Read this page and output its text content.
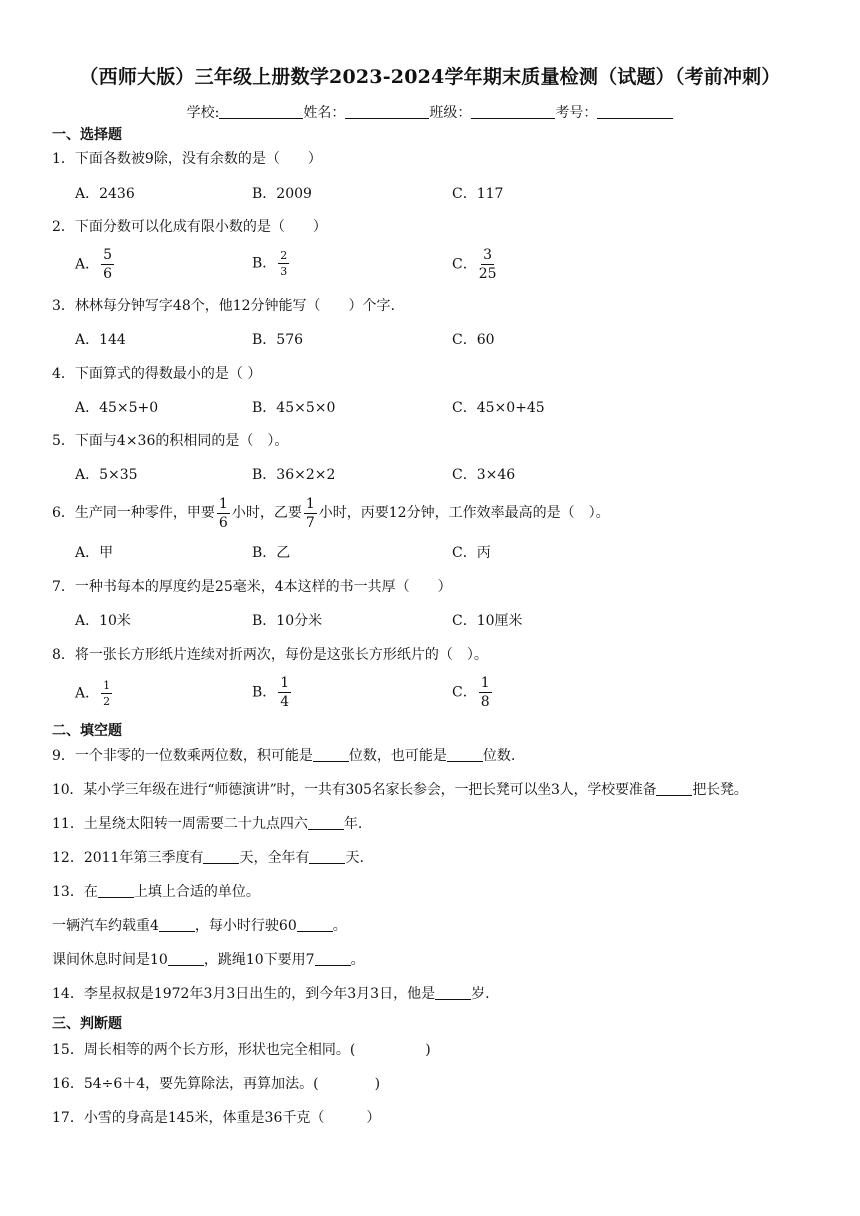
（西师大版）三年级上册数学2023-2024学年期末质量检测（试题）（考前冲刺）
学校:	姓名：	班级：	考号：
一、选择题
1．下面各数被9除，没有余数的是（　　）
A．2436	B．2009	C．117
2．下面分数可以化成有限小数的是（　　）
A． $\frac{5}{6}$	B． $\frac{2}{3}$	C． $\frac{3}{25}$
3．林林每分钟写字48个，他12分钟能写（　　）个字.
A．144	B．576	C．60
4．下面算式的得数最小的是（ ）
A．45×5+0	B．45×5×0	C．45×0+45
5．下面与4×36的积相同的是（　）。
A．5×35	B．36×2×2	C．3×46
6．生产同一种零件，甲要 $\frac{1}{6}$ 小时，乙要 $\frac{1}{7}$ 小时，丙要12分钟，工作效率最高的是（　）。
A．甲	B．乙	C．丙
7．一种书每本的厚度约是25毫米，4本这样的书一共厚（　　）
A．10米	B．10分米	C．10厘米
8．将一张长方形纸片连续对折两次，每份是这张长方形纸片的（　）。
A． $\frac{1}{2}$	B． $\frac{1}{4}$	C． $\frac{1}{8}$
二、填空题
9．一个非零的一位数乘两位数，积可能是	位数，也可能是	位数.
10．某小学三年级在进行“师德演讲”时，一共有305名家长参会，一把长凳可以坐3人，学校要准备	把长凳。
11．土星绕太阳转一周需要二十九点四六	年.
12．2011年第三季度有	天，全年有	天.
13．在	上填上合适的单位。
一辆汽车约载重4	，每小时行驶60	。
课间休息时间是10	，跳绳10下要用7	。
14．李星叔叔是1972年3月3日出生的，到今年3月3日，他是	岁.
三、判断题
15．周长相等的两个长方形，形状也完全相同。(　　　　　)
16．54÷6＋4，要先算除法，再算加法。(　　　　)
17．小雪的身高是145米，体重是36千克（　　　）
